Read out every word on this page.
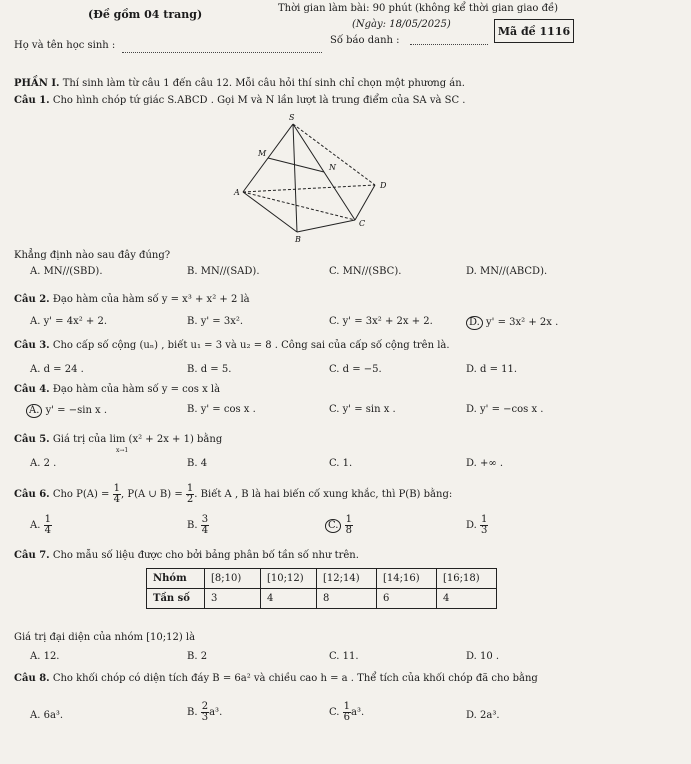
(Đề gồm 04 trang)	Thời gian làm bài: 90 phút (không kể thời gian giao đề)
(Ngày: 18/05/2025)	Mã đề 1116
Họ và tên học sinh :	Số báo danh :
PHẦN I. Thí sinh làm từ câu 1 đến câu 12. Mỗi câu hỏi thí sinh chỉ chọn một phương án.
Câu 1. Cho hình chóp tứ giác S.ABCD . Gọi M và N lần lượt là trung điểm của SA và SC .
S
M
N
A
B
C
D
Khẳng định nào sau đây đúng?
A. MN//(SBD).	B. MN//(SAD).	C. MN//(SBC).	D. MN//(ABCD).
Câu 2. Đạo hàm của hàm số y = x³ + x² + 2 là
A. y' = 4x² + 2.	B. y' = 3x².	C. y' = 3x² + 2x + 2.	D. y' = 3x² + 2x .
Câu 3. Cho cấp số cộng (uₙ) , biết u₁ = 3 và u₂ = 8 . Công sai của cấp số cộng trên là.
A. d = 24 .	B. d = 5.	C. d = −5.	D. d = 11.
Câu 4. Đạo hàm của hàm số y = cos x là
A. y' = −sin x .	B. y' = cos x .	C. y' = sin x .	D. y' = −cos x .
Câu 5. Giá trị của lim (x² + 2x + 1) bằng
x→1
A. 2 .	B. 4	C. 1.	D. +∞ .
Câu 6. Cho $P(A) = \frac{1}{4}$ , P(A ∪ $B) = \frac{1}{2}$ . Biết A , B là hai biến cố xung khắc, thì P(B) bằng:
A. $\frac{1}{4}$	B. $\frac{3}{4}$	C. $\frac{1}{8}$	D. $\frac{1}{3}$
Câu 7. Cho mẫu số liệu được cho bởi bảng phân bố tần số như trên.
Nhóm	[8;10)	[10;12)	[12;14)	[14;16)	[16;18)
Tần số	3	4	8	6	4
Giá trị đại diện của nhóm [10;12) là
A. 12.	B. 2	C. 11.	D. 10 .
Câu 8. Cho khối chóp có diện tích đáy B = 6a² và chiều cao h = a . Thể tích của khối chóp đã cho bằng
A. 6a³.	B. $\frac{2}{3} a^3$.	C. $\frac{1}{6} a^3$.	D. 2a³.
